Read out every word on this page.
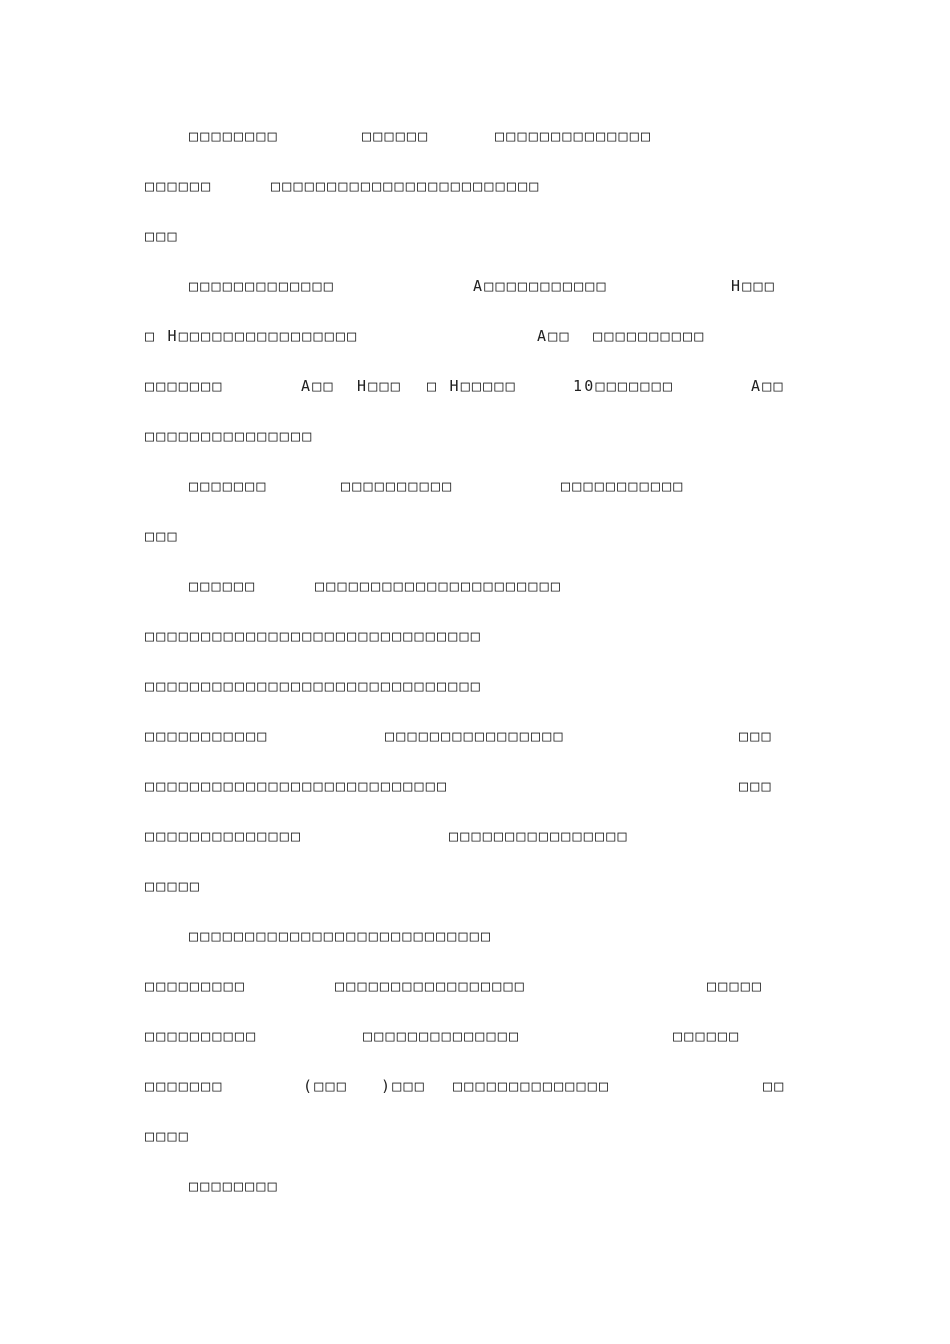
□□□□□□□□	□□□□□□	□□□□□□□□□□□□□□
□□□□□□	□□□□□□□□□□□□□□□□□□□□□□□□
□□□
□□□□□□□□□□□□□	A□□□□□□□□□□□	H□□□
□ H□□□□□□□□□□□□□□□□	A□□  □□□□□□□□□□
□□□□□□□	A□□ H□□□ □ H□□□□□	10□□□□□□□	A□□
□□□□□□□□□□□□□□□
□□□□□□□	□□□□□□□□□□	□□□□□□□□□□□
□□□
□□□□□□	□□□□□□□□□□□□□□□□□□□□□□
□□□□□□□□□□□□□□□□□□□□□□□□□□□□□□
□□□□□□□□□□□□□□□□□□□□□□□□□□□□□□
□□□□□□□□□□□	□□□□□□□□□□□□□□□□	□□□
□□□□□□□□□□□□□□□□□□□□□□□□□□□	□□□
□□□□□□□□□□□□□□	□□□□□□□□□□□□□□□□
□□□□□
□□□□□□□□□□□□□□□□□□□□□□□□□□□
□□□□□□□□□	□□□□□□□□□□□□□□□□□	□□□□□
□□□□□□□□□□	□□□□□□□□□□□□□□	□□□□□□
□□□□□□□	(□□□ )□□□ □□□□□□□□□□□□□□	□□
□□□□
□□□□□□□□
